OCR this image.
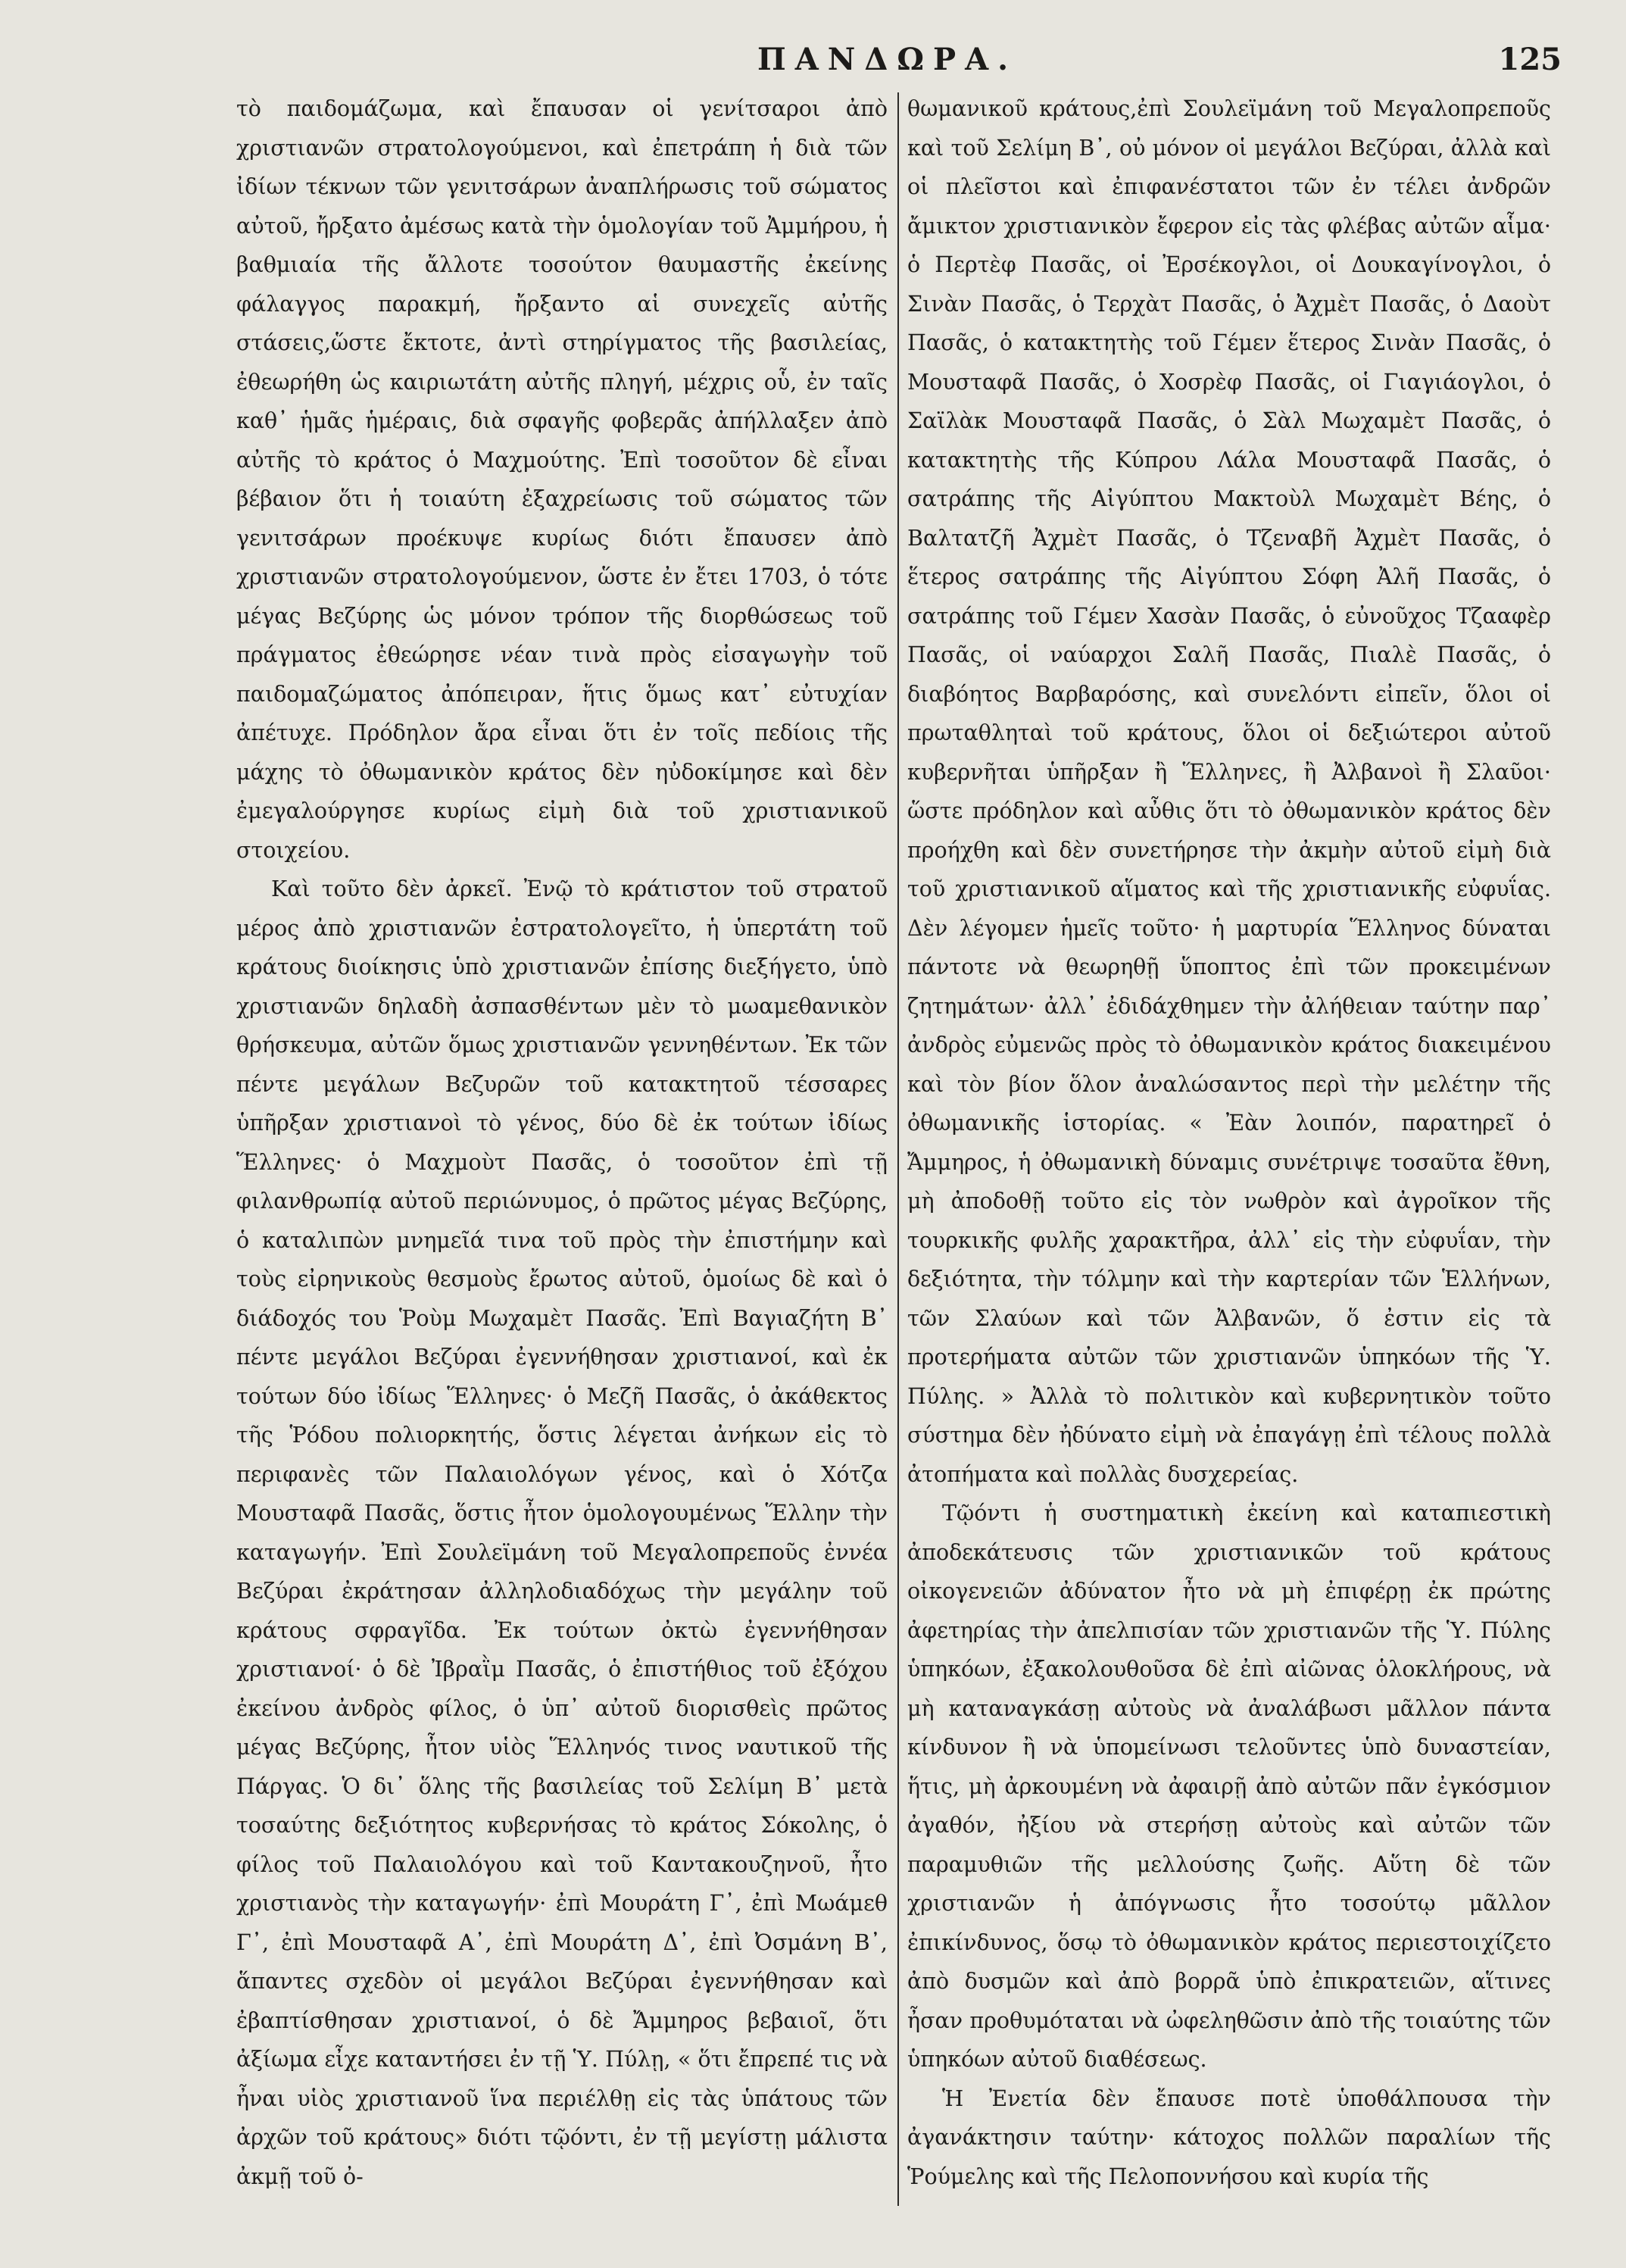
ΠΑΝΔΩΡΑ.	125

τὸ παιδομάζωμα, καὶ ἔπαυσαν οἱ γενίτσαροι ἀπὸ χριστιανῶν στρατολογούμενοι, καὶ ἐπετράπη ἡ διὰ τῶν ἰδίων τέκνων τῶν γενιτσάρων ἀναπλήρωσις τοῦ σώματος αὐτοῦ, ἤρξατο ἀμέσως κατὰ τὴν ὁμολογίαν τοῦ Ἀμμήρου, ἡ βαθμιαία τῆς ἄλλοτε τοσούτον θαυμαστῆς ἐκείνης φάλαγγος παρακμή, ἤρξαντο αἱ συνεχεῖς αὐτῆς στάσεις,ὥστε ἔκτοτε, ἀντὶ στηρίγματος τῆς βασιλείας, ἐθεωρήθη ὡς καιριωτάτη αὐτῆς πληγή, μέχρις οὗ, ἐν ταῖς καθ᾽ ἡμᾶς ἡμέραις, διὰ σφαγῆς φοβερᾶς ἀπήλλαξεν ἀπὸ αὐτῆς τὸ κράτος ὁ Μαχμούτης. Ἐπὶ τοσοῦτον δὲ εἶναι βέβαιον ὅτι ἡ τοιαύτη ἐξαχρείωσις τοῦ σώματος τῶν γενιτσάρων προέκυψε κυρίως διότι ἔπαυσεν ἀπὸ χριστιανῶν στρατολογούμενον, ὥστε ἐν ἔτει 1703, ὁ τότε μέγας Βεζύρης ὡς μόνον τρόπον τῆς διορθώσεως τοῦ πράγματος ἐθεώρησε νέαν τινὰ πρὸς εἰσαγωγὴν τοῦ παιδομαζώματος ἀπόπειραν, ἥτις ὅμως κατ᾽ εὐτυχίαν ἀπέτυχε. Πρόδηλον ἄρα εἶναι ὅτι ἐν τοῖς πεδίοις τῆς μάχης τὸ ὀθωμανικὸν κράτος δὲν ηὐδοκίμησε καὶ δὲν ἐμεγαλούργησε κυρίως εἰμὴ διὰ τοῦ χριστιανικοῦ στοιχείου.

Καὶ τοῦτο δὲν ἀρκεῖ. Ἐνῷ τὸ κράτιστον τοῦ στρατοῦ μέρος ἀπὸ χριστιανῶν ἐστρατολογεῖτο, ἡ ὑπερτάτη τοῦ κράτους διοίκησις ὑπὸ χριστιανῶν ἐπίσης διεξήγετο, ὑπὸ χριστιανῶν δηλαδὴ ἀσπασθέντων μὲν τὸ μωαμεθανικὸν θρήσκευμα, αὐτῶν ὅμως χριστιανῶν γεννηθέντων. Ἐκ τῶν πέντε μεγάλων Βεζυρῶν τοῦ κατακτητοῦ τέσσαρες ὑπῆρξαν χριστιανοὶ τὸ γένος, δύο δὲ ἐκ τούτων ἰδίως Ἕλληνες· ὁ Μαχμοὺτ Πασᾶς, ὁ τοσοῦτον ἐπὶ τῇ φιλανθρωπίᾳ αὐτοῦ περιώνυμος, ὁ πρῶτος μέγας Βεζύρης, ὁ καταλιπὼν μνημεῖά τινα τοῦ πρὸς τὴν ἐπιστήμην καὶ τοὺς εἰρηνικοὺς θεσμοὺς ἔρωτος αὐτοῦ, ὁμοίως δὲ καὶ ὁ διάδοχός του Ῥοὺμ Μωχαμὲτ Πασᾶς. Ἐπὶ Βαγιαζήτη Β᾽ πέντε μεγάλοι Βεζύραι ἐγεννήθησαν χριστιανοί, καὶ ἐκ τούτων δύο ἰδίως Ἕλληνες· ὁ Μεζῆ Πασᾶς, ὁ ἀκάθεκτος τῆς Ῥόδου πολιορκητής, ὅστις λέγεται ἀνήκων εἰς τὸ περιφανὲς τῶν Παλαιολόγων γένος, καὶ ὁ Χότζα Μουσταφᾶ Πασᾶς, ὅστις ἦτον ὁμολογουμένως Ἕλλην τὴν καταγωγήν. Ἐπὶ Σουλεϊμάνη τοῦ Μεγαλοπρεποῦς ἐννέα Βεζύραι ἐκράτησαν ἀλληλοδιαδόχως τὴν μεγάλην τοῦ κράτους σφραγῖδα. Ἐκ τούτων ὀκτὼ ἐγεννήθησαν χριστιανοί· ὁ δὲ Ἰβραῒμ Πασᾶς, ὁ ἐπιστήθιος τοῦ ἐξόχου ἐκείνου ἀνδρὸς φίλος, ὁ ὑπ᾽ αὐτοῦ διορισθεὶς πρῶτος μέγας Βεζύρης, ἦτον υἱὸς Ἕλληνός τινος ναυτικοῦ τῆς Πάργας. Ὁ δι᾽ ὅλης τῆς βασιλείας τοῦ Σελίμη Β᾽ μετὰ τοσαύτης δεξιότητος κυβερνήσας τὸ κράτος Σόκολης, ὁ φίλος τοῦ Παλαιολόγου καὶ τοῦ Καντακουζηνοῦ, ἦτο χριστιανὸς τὴν καταγωγήν· ἐπὶ Μουράτη Γ᾽, ἐπὶ Μωάμεθ Γ᾽, ἐπὶ Μουσταφᾶ Α᾽, ἐπὶ Μουράτη Δ᾽, ἐπὶ Ὀσμάνη Β᾽, ἅπαντες σχεδὸν οἱ μεγάλοι Βεζύραι ἐγεννήθησαν καὶ ἐβαπτίσθησαν χριστιανοί, ὁ δὲ Ἄμμηρος βεβαιοῖ, ὅτι ἀξίωμα εἶχε καταντήσει ἐν τῇ Ὑ. Πύλῃ, « ὅτι ἔπρεπέ τις νὰ ἦναι υἱὸς χριστιανοῦ ἵνα περιέλθῃ εἰς τὰς ὑπάτους τῶν ἀρχῶν τοῦ κράτους» διότι τῷόντι, ἐν τῇ μεγίστῃ μάλιστα ἀκμῇ τοῦ ὀ-

θωμανικοῦ κράτους,ἐπὶ Σουλεϊμάνη τοῦ Μεγαλοπρεποῦς καὶ τοῦ Σελίμη Β᾽, οὐ μόνον οἱ μεγάλοι Βεζύραι, ἀλλὰ καὶ οἱ πλεῖστοι καὶ ἐπιφανέστατοι τῶν ἐν τέλει ἀνδρῶν ἄμικτον χριστιανικὸν ἔφερον εἰς τὰς φλέβας αὐτῶν αἷμα· ὁ Περτὲφ Πασᾶς, οἱ Ἐρσέκογλοι, οἱ Δουκαγίνογλοι, ὁ Σινὰν Πασᾶς, ὁ Τερχὰτ Πασᾶς, ὁ Ἀχμὲτ Πασᾶς, ὁ Δαοὺτ Πασᾶς, ὁ κατακτητὴς τοῦ Γέμεν ἕτερος Σινὰν Πασᾶς, ὁ Μουσταφᾶ Πασᾶς, ὁ Χοσρὲφ Πασᾶς, οἱ Γιαγιάογλοι, ὁ Σαϊλὰκ Μουσταφᾶ Πασᾶς, ὁ Σὰλ Μωχαμὲτ Πασᾶς, ὁ κατακτητὴς τῆς Κύπρου Λάλα Μουσταφᾶ Πασᾶς, ὁ σατράπης τῆς Αἰγύπτου Μακτοὺλ Μωχαμὲτ Βέης, ὁ Βαλτατζῆ Ἀχμὲτ Πασᾶς, ὁ Τζεναβῆ Ἀχμὲτ Πασᾶς, ὁ ἕτερος σατράπης τῆς Αἰγύπτου Σόφη Ἀλῆ Πασᾶς, ὁ σατράπης τοῦ Γέμεν Χασὰν Πασᾶς, ὁ εὐνοῦχος Τζααφὲρ Πασᾶς, οἱ ναύαρχοι Σαλῆ Πασᾶς, Πιαλὲ Πασᾶς, ὁ διαβόητος Βαρβαρόσης, καὶ συνελόντι εἰπεῖν, ὅλοι οἱ πρωταθληταὶ τοῦ κράτους, ὅλοι οἱ δεξιώτεροι αὐτοῦ κυβερνῆται ὑπῆρξαν ἢ Ἕλληνες, ἢ Ἀλβανοὶ ἢ Σλαῦοι· ὥστε πρόδηλον καὶ αὖθις ὅτι τὸ ὀθωμανικὸν κράτος δὲν προήχθη καὶ δὲν συνετήρησε τὴν ἀκμὴν αὐτοῦ εἰμὴ διὰ τοῦ χριστιανικοῦ αἵματος καὶ τῆς χριστιανικῆς εὐφυΐας. Δὲν λέγομεν ἡμεῖς τοῦτο· ἡ μαρτυρία Ἕλληνος δύναται πάντοτε νὰ θεωρηθῇ ὕποπτος ἐπὶ τῶν προκειμένων ζητημάτων· ἀλλ᾽ ἐδιδάχθημεν τὴν ἀλήθειαν ταύτην παρ᾽ ἀνδρὸς εὐμενῶς πρὸς τὸ ὀθωμανικὸν κράτος διακειμένου καὶ τὸν βίον ὅλον ἀναλώσαντος περὶ τὴν μελέτην τῆς ὀθωμανικῆς ἱστορίας. « Ἐὰν λοιπόν, παρατηρεῖ ὁ Ἄμμηρος, ἡ ὀθωμανικὴ δύναμις συνέτριψε τοσαῦτα ἔθνη, μὴ ἀποδοθῇ τοῦτο εἰς τὸν νωθρὸν καὶ ἀγροῖκον τῆς τουρκικῆς φυλῆς χαρακτῆρα, ἀλλ᾽ εἰς τὴν εὐφυΐαν, τὴν δεξιότητα, τὴν τόλμην καὶ τὴν καρτερίαν τῶν Ἑλλήνων, τῶν Σλαύων καὶ τῶν Ἀλβανῶν, ὅ ἐστιν εἰς τὰ προτερήματα αὐτῶν τῶν χριστιανῶν ὑπηκόων τῆς Ὑ. Πύλης. » Ἀλλὰ τὸ πολιτικὸν καὶ κυβερνητικὸν τοῦτο σύστημα δὲν ἠδύνατο εἰμὴ νὰ ἐπαγάγῃ ἐπὶ τέλους πολλὰ ἀτοπήματα καὶ πολλὰς δυσχερείας.

Τῷόντι ἡ συστηματικὴ ἐκείνη καὶ καταπιεστικὴ ἀποδεκάτευσις τῶν χριστιανικῶν τοῦ κράτους οἰκογενειῶν ἀδύνατον ἦτο νὰ μὴ ἐπιφέρῃ ἐκ πρώτης ἀφετηρίας τὴν ἀπελπισίαν τῶν χριστιανῶν τῆς Ὑ. Πύλης ὑπηκόων, ἐξακολουθοῦσα δὲ ἐπὶ αἰῶνας ὁλοκλήρους, νὰ μὴ καταναγκάσῃ αὐτοὺς νὰ ἀναλάβωσι μᾶλλον πάντα κίνδυνον ἢ νὰ ὑπομείνωσι τελοῦντες ὑπὸ δυναστείαν, ἥτις, μὴ ἀρκουμένη νὰ ἀφαιρῇ ἀπὸ αὐτῶν πᾶν ἐγκόσμιον ἀγαθόν, ἠξίου νὰ στερήσῃ αὐτοὺς καὶ αὐτῶν τῶν παραμυθιῶν τῆς μελλούσης ζωῆς. Αὕτη δὲ τῶν χριστιανῶν ἡ ἀπόγνωσις ἦτο τοσούτῳ μᾶλλον ἐπικίνδυνος, ὅσῳ τὸ ὀθωμανικὸν κράτος περιεστοιχίζετο ἀπὸ δυσμῶν καὶ ἀπὸ βορρᾶ ὑπὸ ἐπικρατειῶν, αἵτινες ἦσαν προθυμόταται νὰ ὠφεληθῶσιν ἀπὸ τῆς τοιαύτης τῶν ὑπηκόων αὐτοῦ διαθέσεως.

Ἡ Ἐνετία δὲν ἔπαυσε ποτὲ ὑποθάλπουσα τὴν ἀγανάκτησιν ταύτην· κάτοχος πολλῶν παραλίων τῆς Ῥούμελης καὶ τῆς Πελοποννήσου καὶ κυρία τῆς
